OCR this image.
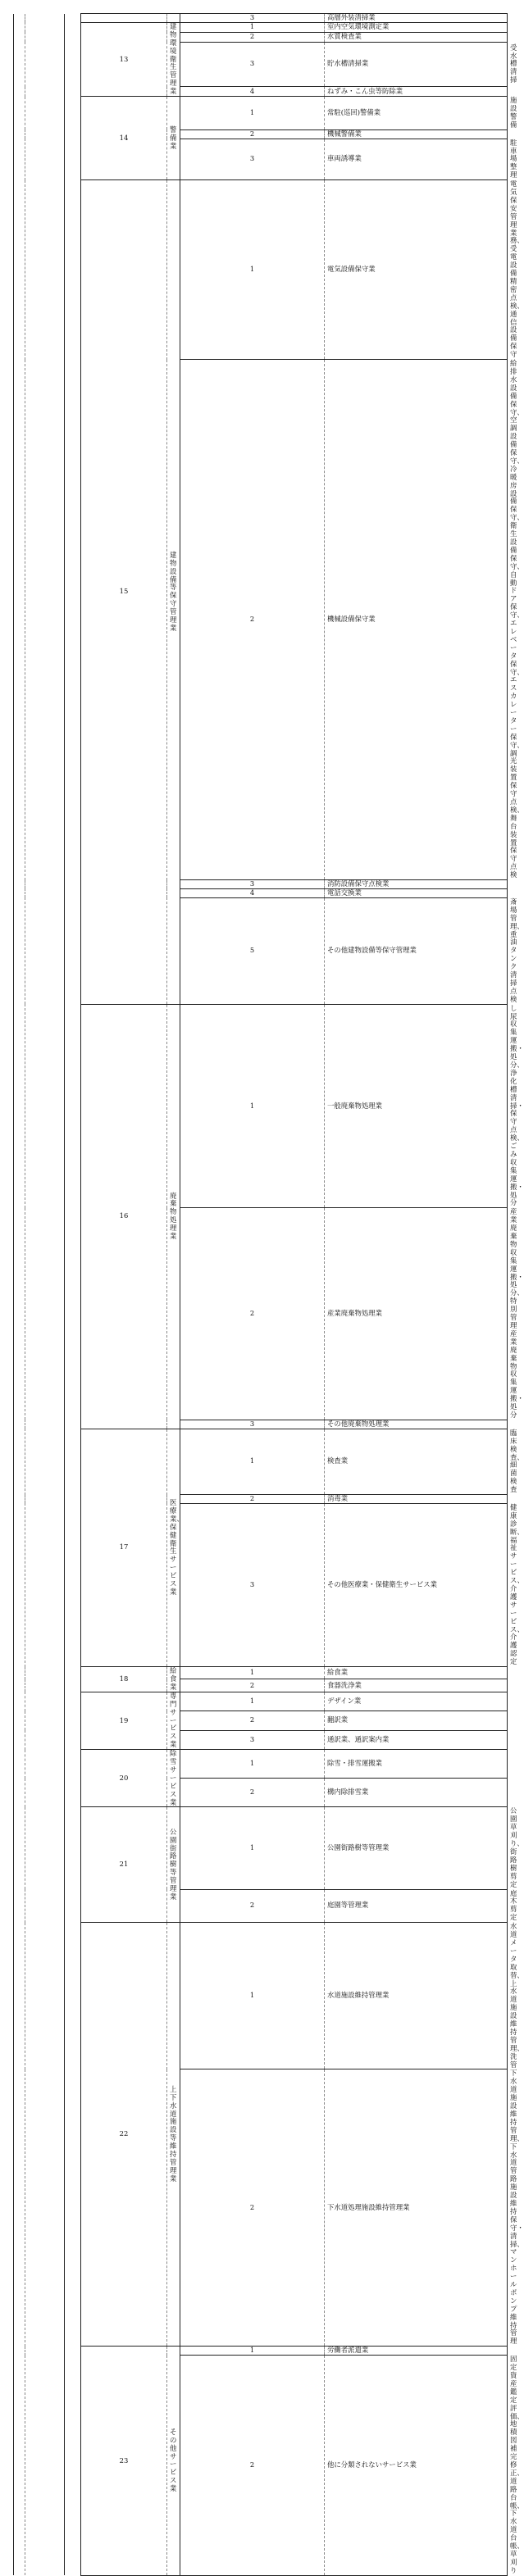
					3	高層外装清掃業	
			13	建物環境衛生管理業	1	室内空気環境測定業	
					2	水質検査業	
					3	貯水槽清掃業	受水槽清掃
					4	ねずみ・こん虫等防除業	
			14	警備業	1	常駐(巡回)警備業	施設警備
					2	機械警備業	
					3	車両誘導業	駐車場整理
			15	建物設備等保守管理業	1	電気設備保守業	電気保安管理業務、受電設備精密点検、通信設備保守
					2	機械設備保守業	給排水設備保守、空調設備保守、冷暖房設備保守、衛生設備保守、自動ドア保守、エレベータ保守、エスカレーター保守、調光装置保守点検、舞台装置保守点検
					3	消防設備保守点検業	
					4	電話交換業	
					5	その他建物設備等保守管理業	斎場管理、重油タンク清掃点検
			16	廃棄物処理業	1	一般廃棄物処理業	し尿収集運搬・処分、浄化槽清掃・保守点検、ごみ収集運搬・処分
					2	産業廃棄物処理業	産業廃棄物収集運搬・処分、特別管理産業廃棄物収集運搬・処分
					3	その他廃棄物処理業	
			17	医療業、保健衛生サービス業	1	検査業	臨床検査、細菌検査
					2	消毒業	
					3	その他医療業・保健衛生サービス業	健康診断、福祉サービス、介護サービス、介護認定
			18	給食業	1	給食業	
					2	食器洗浄業	
			19	専門サービス業	1	デザイン業	
					2	翻訳業	
					3	通訳業、通訳案内業	
			20	除雪サービス業	1	除雪・排雪運搬業	
					2	構内除排雪業	
			21	公園街路樹等管理業	1	公園街路樹等管理業	公園草刈り、街路樹剪定
					2	庭園等管理業	庭木剪定
			22	上下水道施設等維持管理業	1	水道施設維持管理業	水道メータ取替、上水道施設維持管理、洗管
					2	下水道処理施設維持管理業	下水道施設維持管理、下水道管路施設維持保守・清掃、マンホールポンプ維持管理
			23	その他サービス業	1	労働者派遣業	
					2	他に分類されないサービス業	固定資産鑑定評価、地積図補完修正、道路台帳、下水道台帳、草刈り
